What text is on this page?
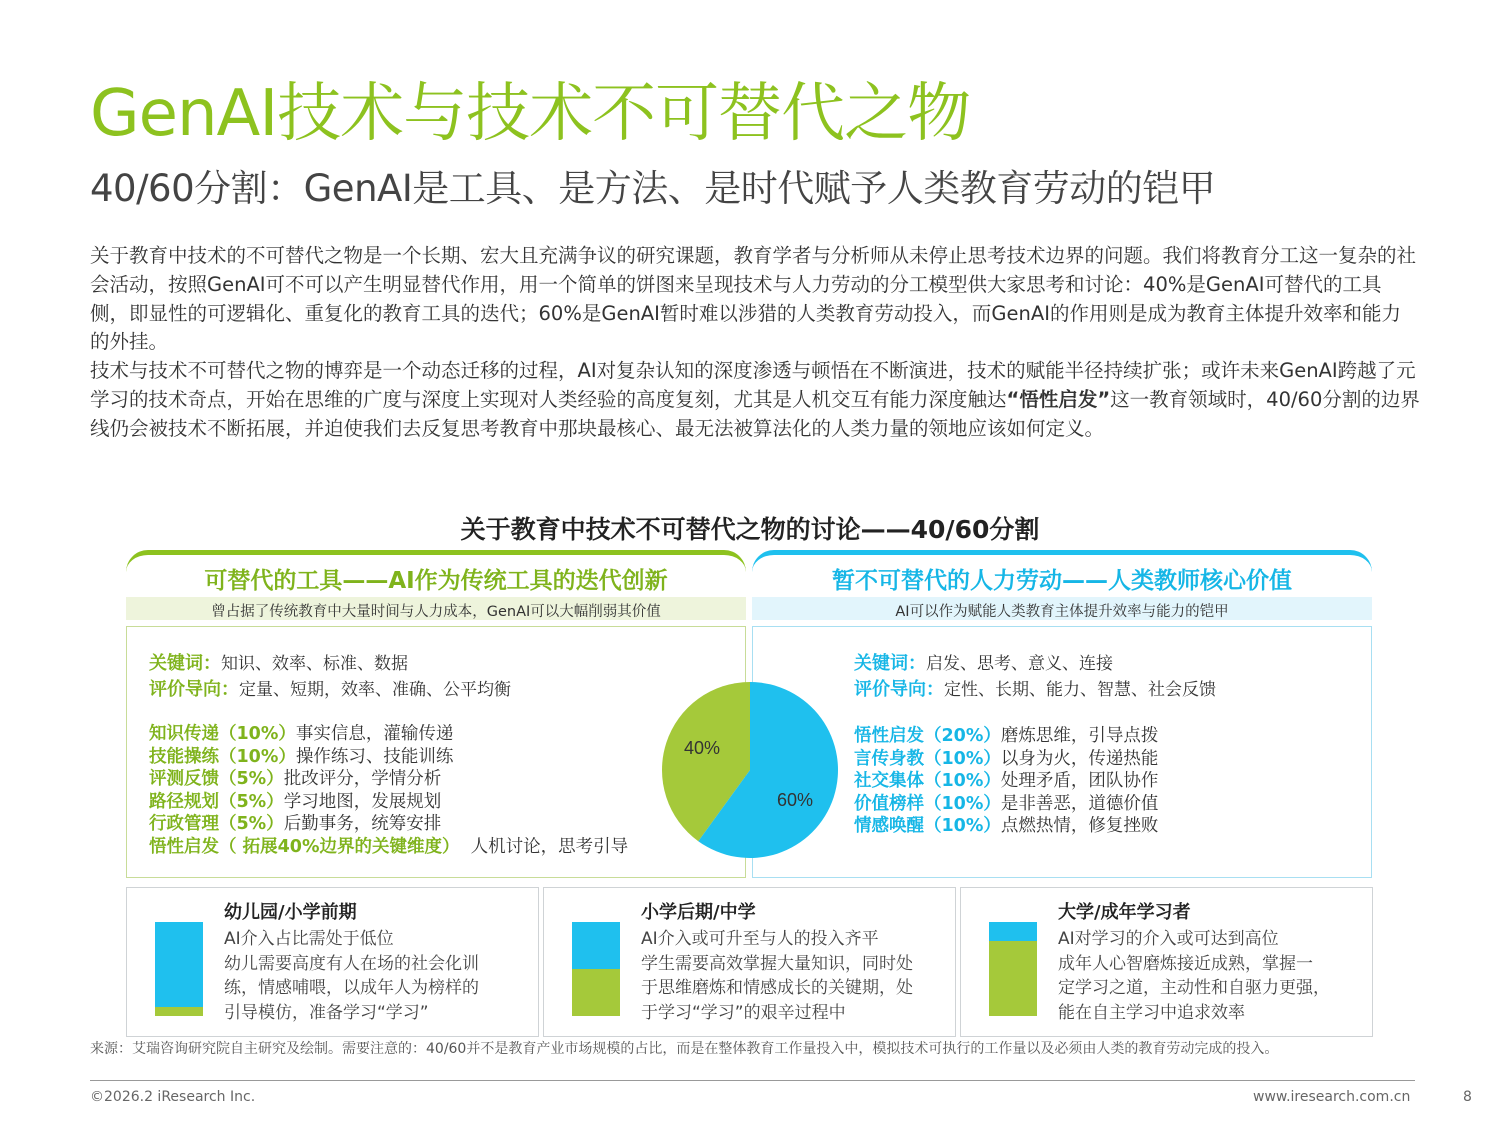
GenAI技术与技术不可替代之物
40/60分割：GenAI是工具、是方法、是时代赋予人类教育劳动的铠甲

关于教育中技术的不可替代之物是一个长期、宏大且充满争议的研究课题，教育学者与分析师从未停止思考技术边界的问题。我们将教育分工这一复杂的社会活动，按照GenAI可不可以产生明显替代作用，用一个简单的饼图来呈现技术与人力劳动的分工模型供大家思考和讨论：40%是GenAI可替代的工具侧，即显性的可逻辑化、重复化的教育工具的迭代；60%是GenAI暂时难以涉猎的人类教育劳动投入，而GenAI的作用则是成为教育主体提升效率和能力的外挂。

技术与技术不可替代之物的博弈是一个动态迁移的过程，AI对复杂认知的深度渗透与顿悟在不断演进，技术的赋能半径持续扩张；或许未来GenAI跨越了元学习的技术奇点，开始在思维的广度与深度上实现对人类经验的高度复刻，尤其是人机交互有能力深度触达“悟性启发”这一教育领域时，40/60分割的边界线仍会被技术不断拓展，并迫使我们去反复思考教育中那块最核心、最无法被算法化的人类力量的领地应该如何定义。

关于教育中技术不可替代之物的讨论——40/60分割
可替代的工具——AI作为传统工具的迭代创新
曾占据了传统教育中大量时间与人力成本，GenAI可以大幅削弱其价值
暂不可替代的人力劳动——人类教师核心价值
AI可以作为赋能人类教育主体提升效率与能力的铠甲
关键词：知识、效率、标准、数据
评价导向：定量、短期，效率、准确、公平均衡
知识传递（10%）事实信息，灌输传递
技能操练（10%）操作练习、技能训练
评测反馈（5%）批改评分，学情分析
路径规划（5%）学习地图，发展规划
行政管理（5%）后勤事务，统筹安排
悟性启发（ 拓展40%边界的关键维度）  人机讨论，思考引导
关键词：启发、思考、意义、连接
评价导向：定性、长期、能力、智慧、社会反馈
悟性启发（20%）磨炼思维，引导点拨
言传身教（10%）以身为火，传递热能
社交集体（10%）处理矛盾，团队协作
价值榜样（10%）是非善恶，道德价值
情感唤醒（10%）点燃热情，修复挫败
40%
60%
幼儿园/小学前期
AI介入占比需处于低位
幼儿需要高度有人在场的社会化训
练，情感哺喂，以成年人为榜样的
引导模仿，准备学习“学习”
小学后期/中学
AI介入或可升至与人的投入齐平
学生需要高效掌握大量知识，同时处
于思维磨炼和情感成长的关键期，处
于学习“学习”的艰辛过程中
大学/成年学习者
AI对学习的介入或可达到高位
成年人心智磨炼接近成熟，掌握一
定学习之道，主动性和自驱力更强，
能在自主学习中追求效率
来源：艾瑞咨询研究院自主研究及绘制。需要注意的：40/60并不是教育产业市场规模的占比，而是在整体教育工作量投入中，模拟技术可执行的工作量以及必须由人类的教育劳动完成的投入。
©2026.2 iResearch Inc.	www.iresearch.com.cn	8
